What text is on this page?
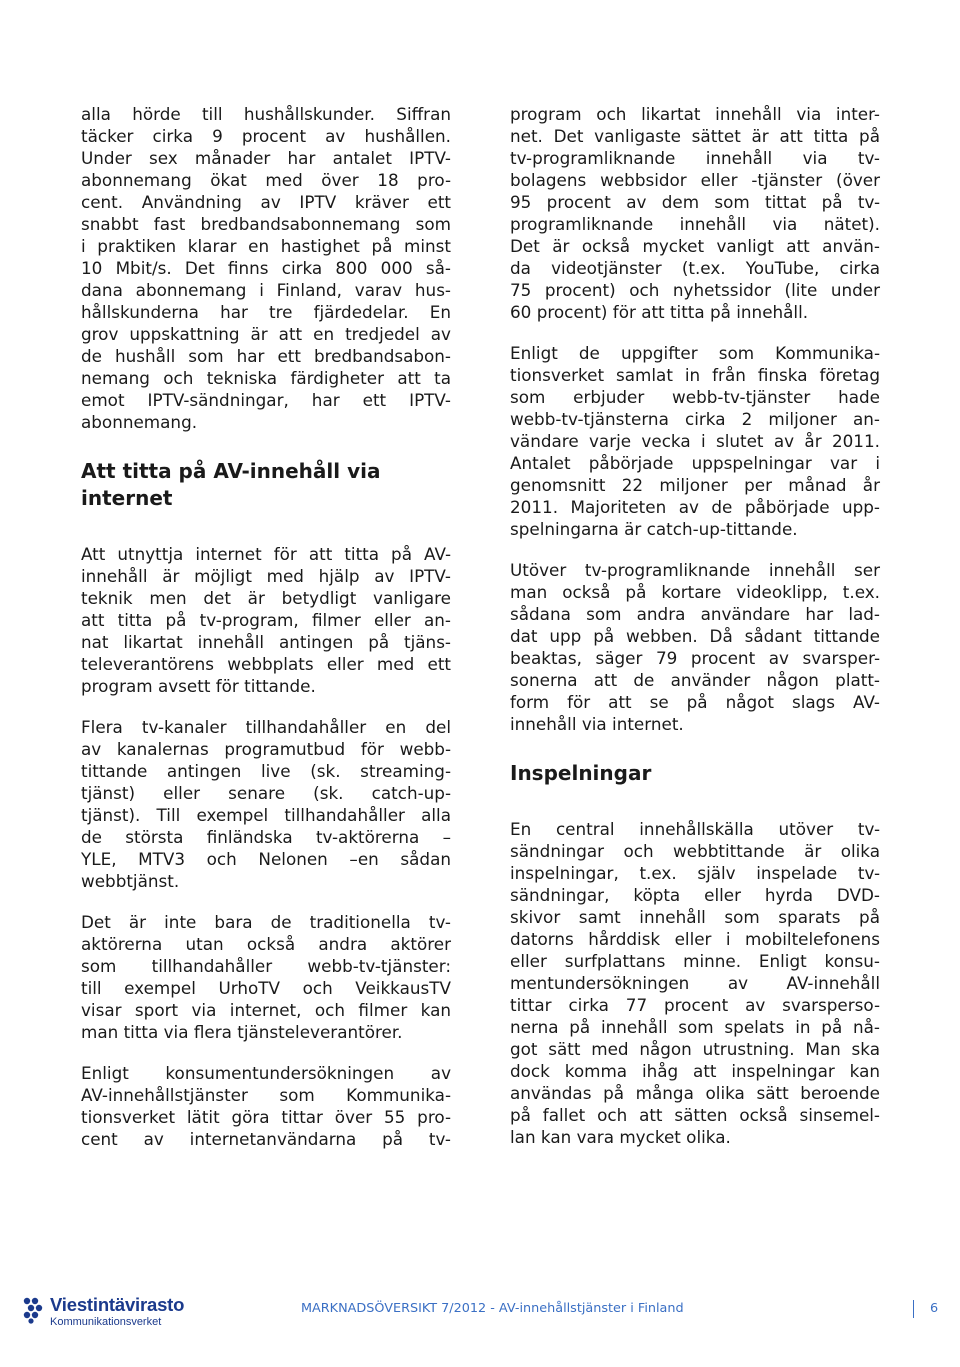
alla hörde till hushållskunder. Siffran
täcker cirka 9 procent av hushållen.
Under sex månader har antalet IPTV-
abonnemang ökat med över 18 pro-
cent. Användning av IPTV kräver ett
snabbt fast bredbandsabonnemang som
i praktiken klarar en hastighet på minst
10 Mbit/s. Det finns cirka 800 000 så-
dana abonnemang i Finland, varav hus-
hållskunderna har tre fjärdedelar. En
grov uppskattning är att en tredjedel av
de hushåll som har ett bredbandsabon-
nemang och tekniska färdigheter att ta
emot IPTV-sändningar, har ett IPTV-
abonnemang.
Att titta på AV-innehåll via
internet
Att utnyttja internet för att titta på AV-
innehåll är möjligt med hjälp av IPTV-
teknik men det är betydligt vanligare
att titta på tv-program, filmer eller an-
nat likartat innehåll antingen på tjäns-
televerantörens webbplats eller med ett
program avsett för tittande.
Flera tv-kanaler tillhandahåller en del
av kanalernas programutbud för webb-
tittande antingen live (sk. streaming-
tjänst) eller senare (sk. catch-up-
tjänst). Till exempel tillhandahåller alla
de största finländska tv-aktörerna –
YLE, MTV3 och Nelonen –en sådan
webbtjänst.
Det är inte bara de traditionella tv-
aktörerna utan också andra aktörer
som tillhandahåller webb-tv-tjänster:
till exempel UrhoTV och VeikkausTV
visar sport via internet, och filmer kan
man titta via flera tjänsteleverantörer.
Enligt konsumentundersökningen av
AV-innehållstjänster som Kommunika-
tionsverket lätit göra tittar över 55 pro-
cent av internetanvändarna på tv-
program och likartat innehåll via inter-
net. Det vanligaste sättet är att titta på
tv-programliknande innehåll via tv-
bolagens webbsidor eller -tjänster (över
95 procent av dem som tittat på tv-
programliknande innehåll via nätet).
Det är också mycket vanligt att använ-
da videotjänster (t.ex. YouTube, cirka
75 procent) och nyhetssidor (lite under
60 procent) för att titta på innehåll.
Enligt de uppgifter som Kommunika-
tionsverket samlat in från finska företag
som erbjuder webb-tv-tjänster hade
webb-tv-tjänsterna cirka 2 miljoner an-
vändare varje vecka i slutet av år 2011.
Antalet påbörjade uppspelningar var i
genomsnitt 22 miljoner per månad år
2011. Majoriteten av de påbörjade upp-
spelningarna är catch-up-tittande.
Utöver tv-programliknande innehåll ser
man också på kortare videoklipp, t.ex.
sådana som andra användare har lad-
dat upp på webben. Då sådant tittande
beaktas, säger 79 procent av svarsper-
sonerna att de använder någon platt-
form för att se på något slags AV-
innehåll via internet.
Inspelningar
En central innehållskälla utöver tv-
sändningar och webbtittande är olika
inspelningar, t.ex. själv inspelade tv-
sändningar, köpta eller hyrda DVD-
skivor samt innehåll som sparats på
datorns hårddisk eller i mobiltelefonens
eller surfplattans minne. Enligt konsu-
mentundersökningen av AV-innehåll
tittar cirka 77 procent av svarsperso-
nerna på innehåll som spelats in på nå-
got sätt med någon utrustning. Man ska
dock komma ihåg att inspelningar kan
användas på många olika sätt beroende
på fallet och att sätten också sinsemel-
lan kan vara mycket olika.
Viestintävirasto
Kommunikationsverket
MARKNADSÖVERSIKT 7/2012 - AV-innehållstjänster i Finland	6
